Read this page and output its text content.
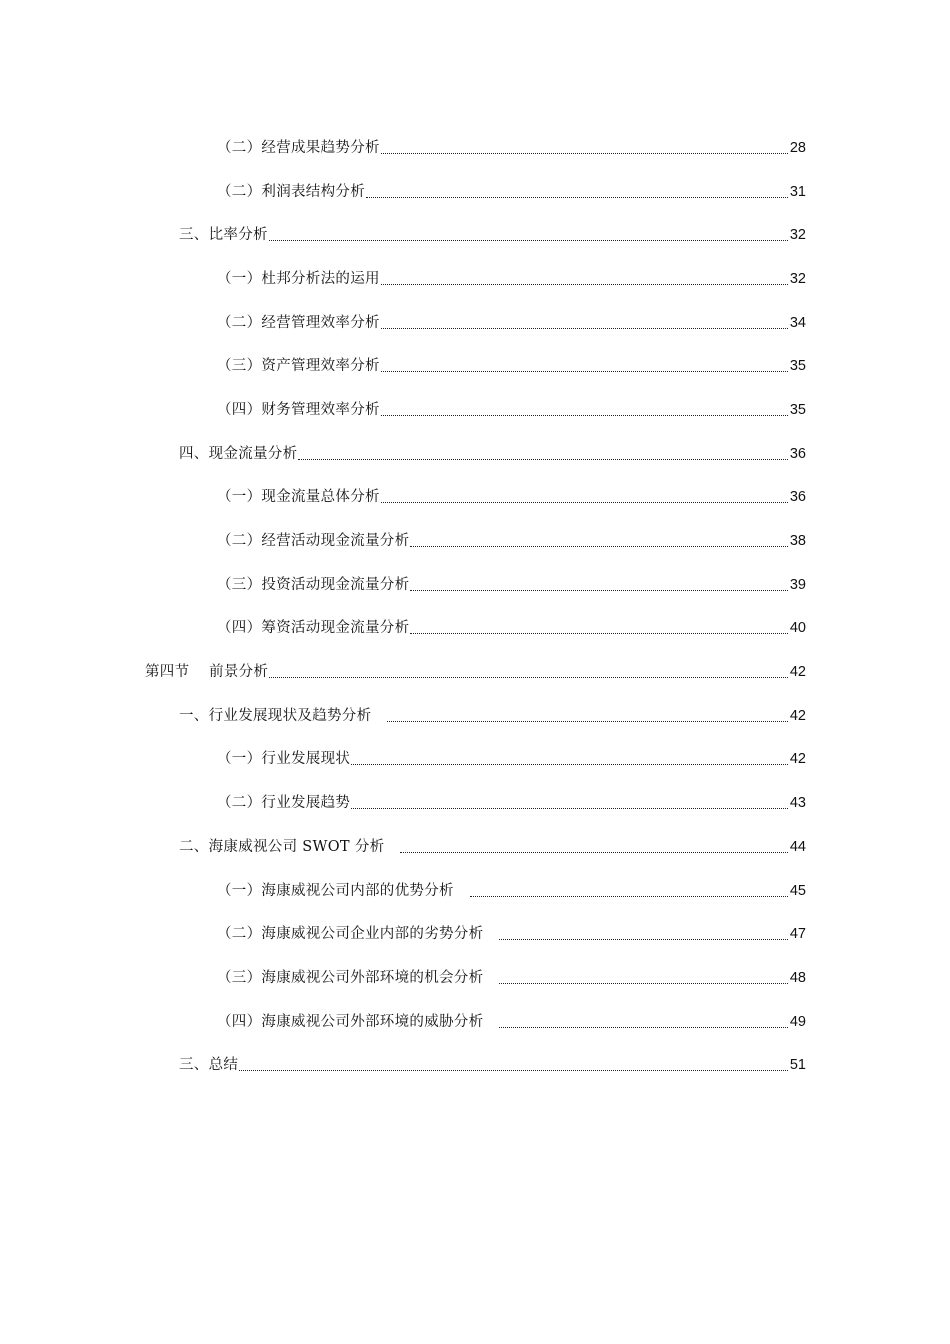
（二）经营成果趋势分析	28
（二）利润表结构分析	31
三、比率分析	32
（一）杜邦分析法的运用	32
（二）经营管理效率分析	34
（三）资产管理效率分析	35
（四）财务管理效率分析	35
四、现金流量分析	36
（一）现金流量总体分析	36
（二）经营活动现金流量分析	38
（三）投资活动现金流量分析	39
（四）筹资活动现金流量分析	40
第四节    前景分析	42
一、行业发展现状及趋势分析	42
（一）行业发展现状	42
（二）行业发展趋势	43
二、海康威视公司 SWOT 分析	44
（一）海康威视公司内部的优势分析	45
（二）海康威视公司企业内部的劣势分析	47
（三）海康威视公司外部环境的机会分析	48
（四）海康威视公司外部环境的威胁分析	49
三、总结	51
